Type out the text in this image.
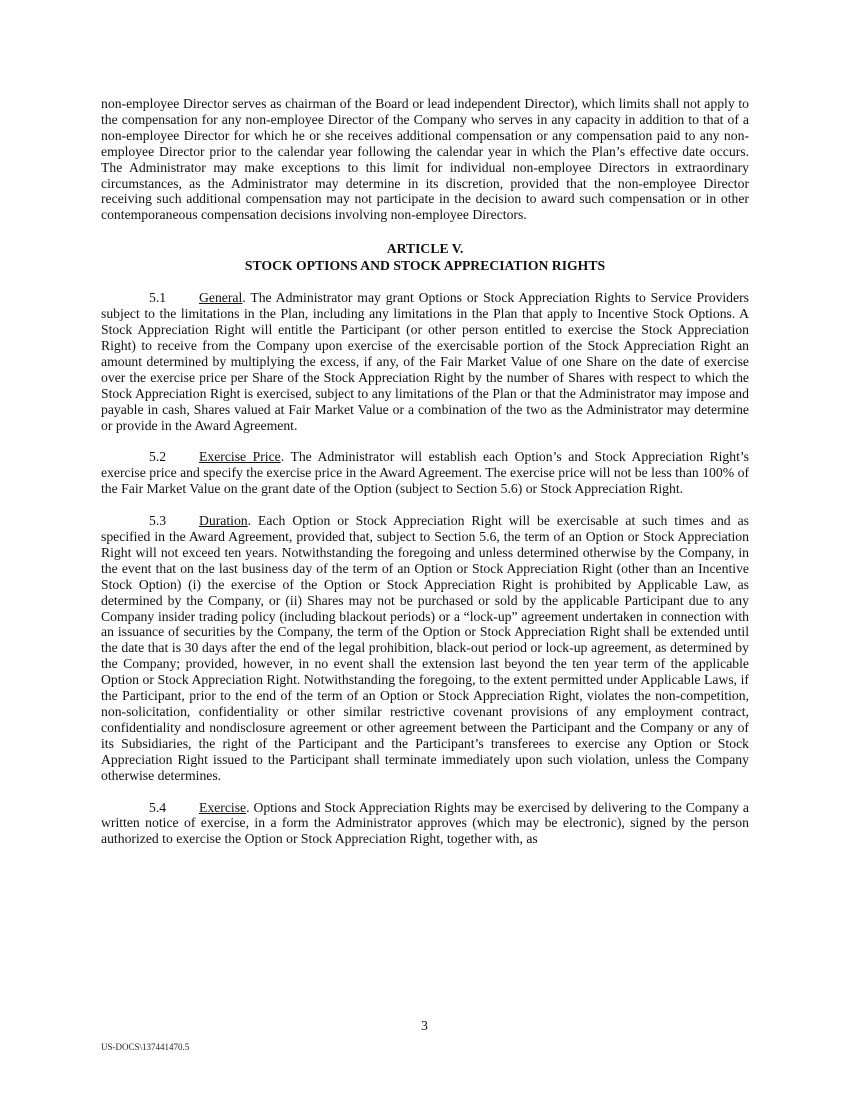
non-employee Director serves as chairman of the Board or lead independent Director), which limits shall not apply to the compensation for any non-employee Director of the Company who serves in any capacity in addition to that of a non-employee Director for which he or she receives additional compensation or any compensation paid to any non-employee Director prior to the calendar year following the calendar year in which the Plan’s effective date occurs. The Administrator may make exceptions to this limit for individual non-employee Directors in extraordinary circumstances, as the Administrator may determine in its discretion, provided that the non-employee Director receiving such additional compensation may not participate in the decision to award such compensation or in other contemporaneous compensation decisions involving non-employee Directors.

ARTICLE V.
STOCK OPTIONS AND STOCK APPRECIATION RIGHTS

5.1 General. The Administrator may grant Options or Stock Appreciation Rights to Service Providers subject to the limitations in the Plan, including any limitations in the Plan that apply to Incentive Stock Options. A Stock Appreciation Right will entitle the Participant (or other person entitled to exercise the Stock Appreciation Right) to receive from the Company upon exercise of the exercisable portion of the Stock Appreciation Right an amount determined by multiplying the excess, if any, of the Fair Market Value of one Share on the date of exercise over the exercise price per Share of the Stock Appreciation Right by the number of Shares with respect to which the Stock Appreciation Right is exercised, subject to any limitations of the Plan or that the Administrator may impose and payable in cash, Shares valued at Fair Market Value or a combination of the two as the Administrator may determine or provide in the Award Agreement.

5.2 Exercise Price. The Administrator will establish each Option’s and Stock Appreciation Right’s exercise price and specify the exercise price in the Award Agreement. The exercise price will not be less than 100% of the Fair Market Value on the grant date of the Option (subject to Section 5.6) or Stock Appreciation Right.

5.3 Duration. Each Option or Stock Appreciation Right will be exercisable at such times and as specified in the Award Agreement, provided that, subject to Section 5.6, the term of an Option or Stock Appreciation Right will not exceed ten years. Notwithstanding the foregoing and unless determined otherwise by the Company, in the event that on the last business day of the term of an Option or Stock Appreciation Right (other than an Incentive Stock Option) (i) the exercise of the Option or Stock Appreciation Right is prohibited by Applicable Law, as determined by the Company, or (ii) Shares may not be purchased or sold by the applicable Participant due to any Company insider trading policy (including blackout periods) or a “lock-up” agreement undertaken in connection with an issuance of securities by the Company, the term of the Option or Stock Appreciation Right shall be extended until the date that is 30 days after the end of the legal prohibition, black-out period or lock-up agreement, as determined by the Company; provided, however, in no event shall the extension last beyond the ten year term of the applicable Option or Stock Appreciation Right. Notwithstanding the foregoing, to the extent permitted under Applicable Laws, if the Participant, prior to the end of the term of an Option or Stock Appreciation Right, violates the non-competition, non-solicitation, confidentiality or other similar restrictive covenant provisions of any employment contract, confidentiality and nondisclosure agreement or other agreement between the Participant and the Company or any of its Subsidiaries, the right of the Participant and the Participant’s transferees to exercise any Option or Stock Appreciation Right issued to the Participant shall terminate immediately upon such violation, unless the Company otherwise determines.

5.4 Exercise. Options and Stock Appreciation Rights may be exercised by delivering to the Company a written notice of exercise, in a form the Administrator approves (which may be electronic), signed by the person authorized to exercise the Option or Stock Appreciation Right, together with, as

3
US-DOCS\137441470.5
